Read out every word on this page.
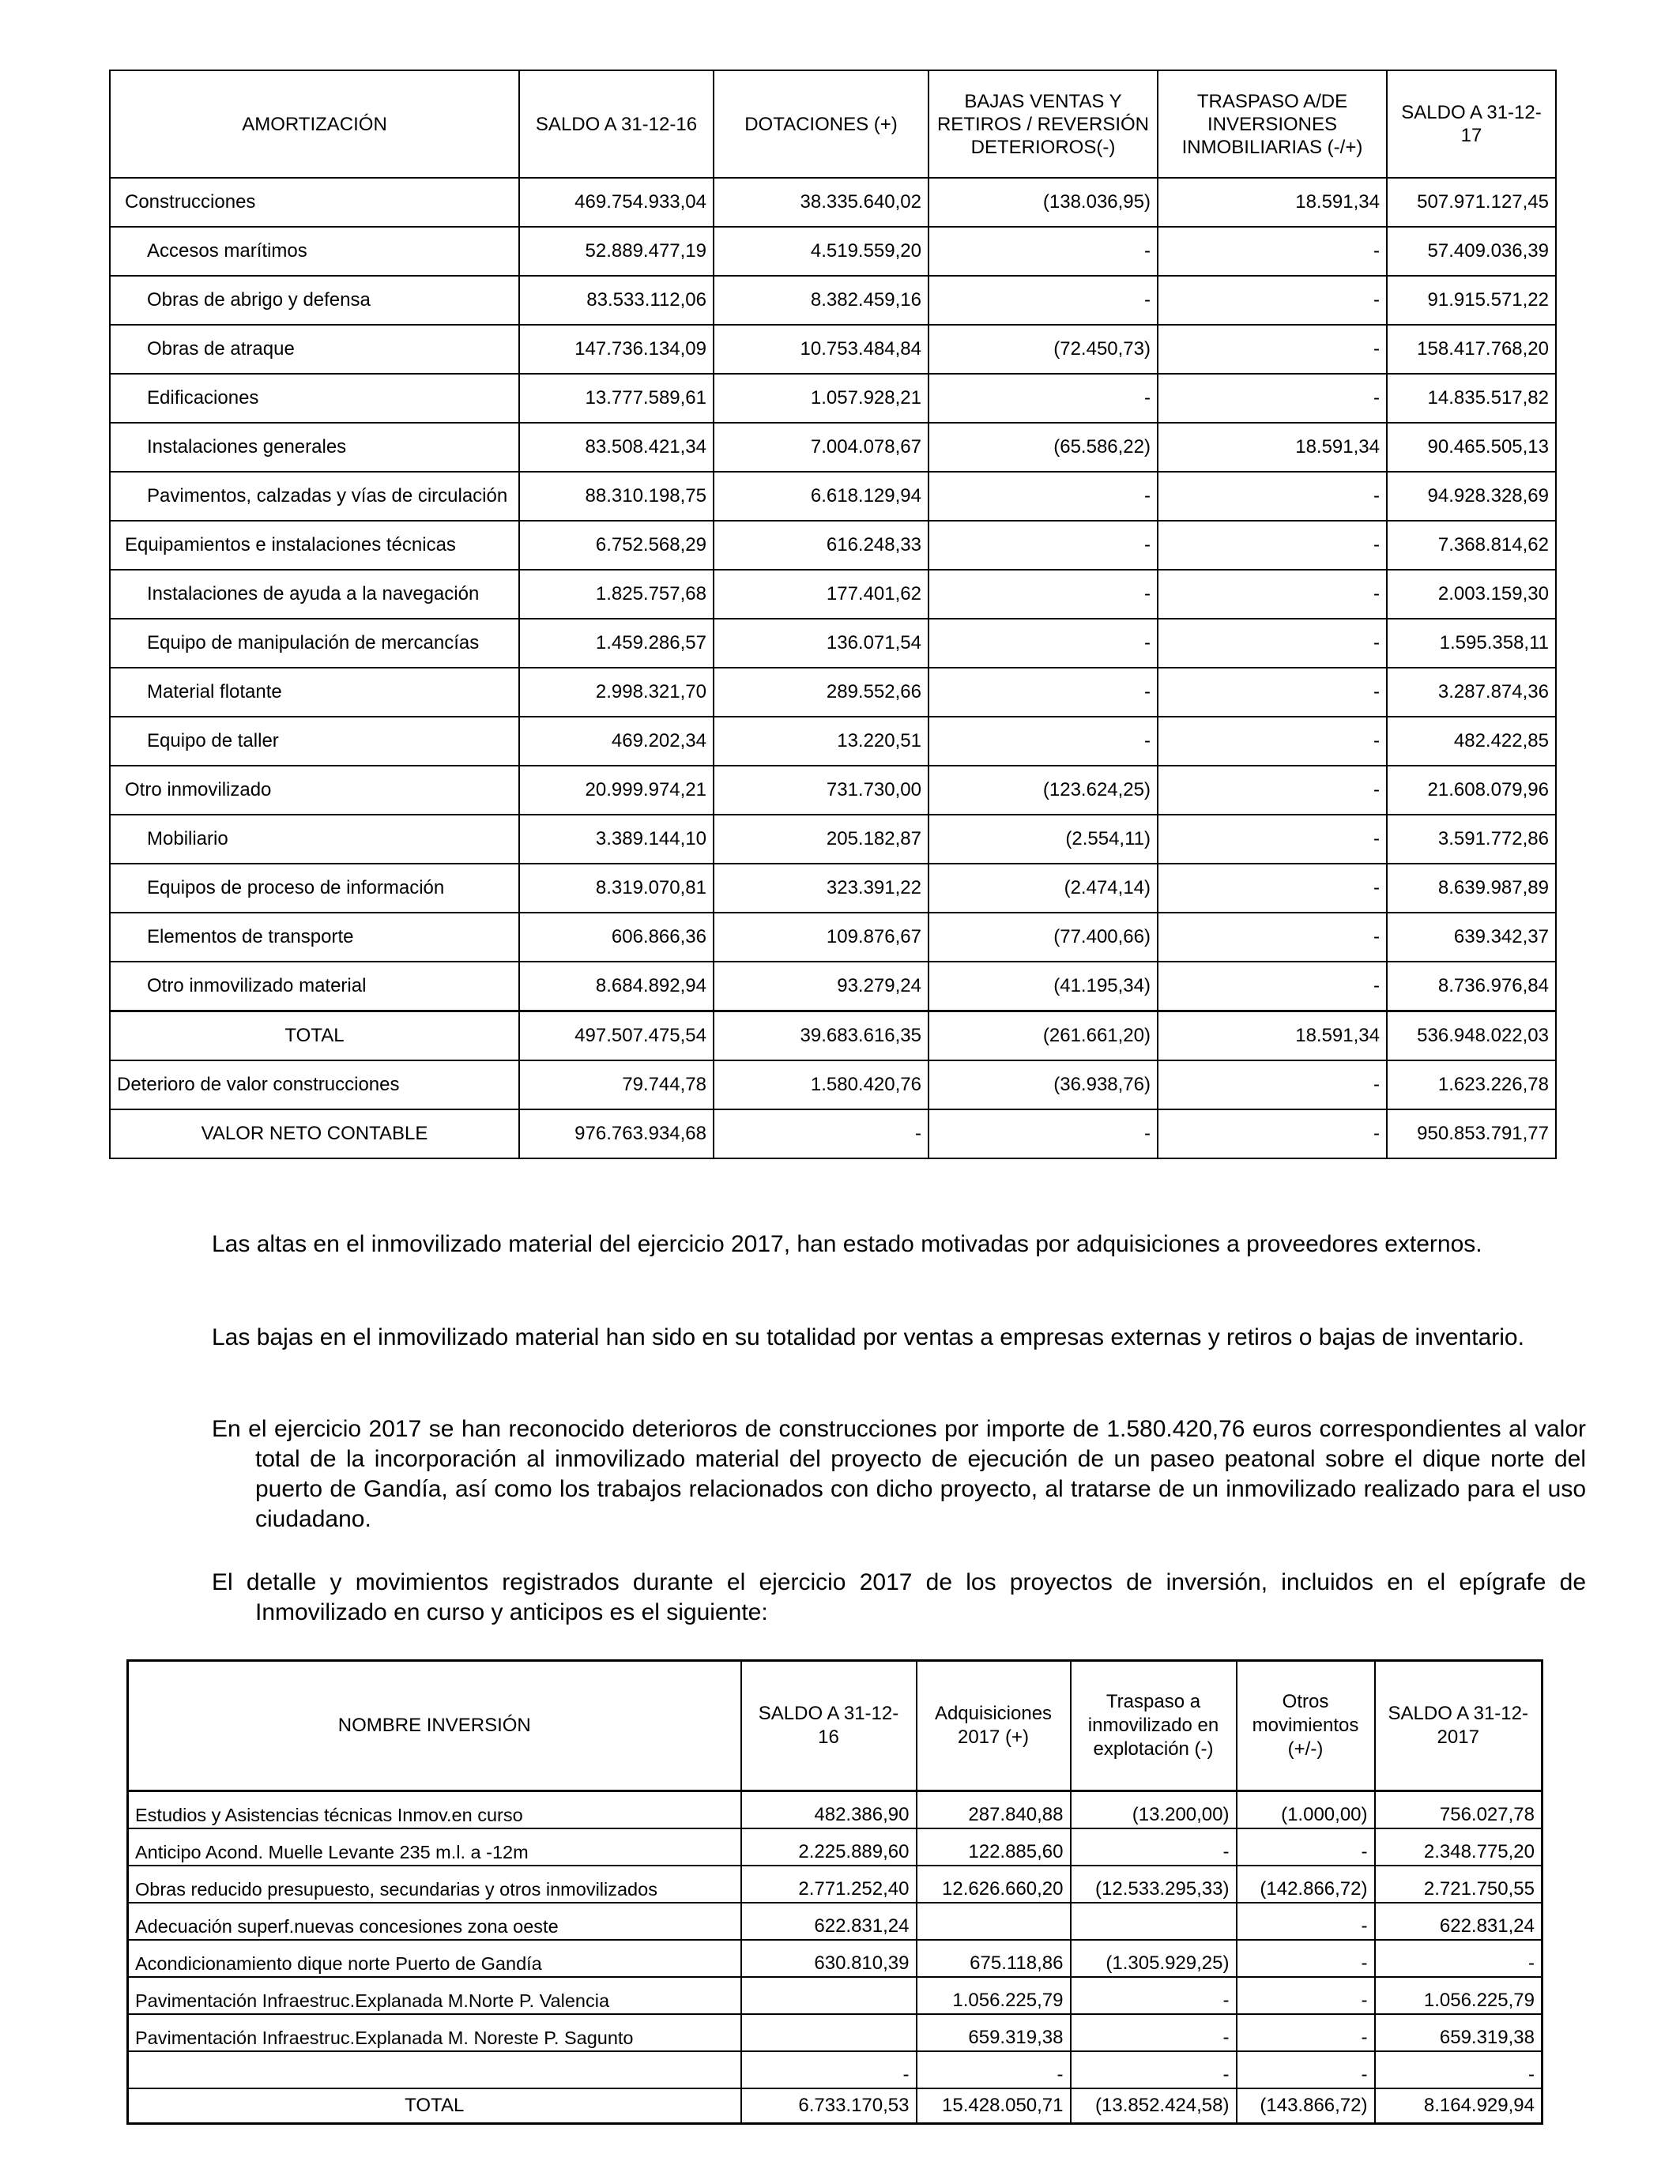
AMORTIZACIÓN	SALDO A 31-12-16	DOTACIONES (+)	BAJAS VENTAS Y RETIROS / REVERSIÓN DETERIOROS(-)	TRASPASO A/DE INVERSIONES INMOBILIARIAS (-/+)	SALDO A 31-12-17
Construcciones	469.754.933,04	38.335.640,02	(138.036,95)	18.591,34	507.971.127,45
Accesos marítimos	52.889.477,19	4.519.559,20	-	-	57.409.036,39
Obras de abrigo y defensa	83.533.112,06	8.382.459,16	-	-	91.915.571,22
Obras de atraque	147.736.134,09	10.753.484,84	(72.450,73)	-	158.417.768,20
Edificaciones	13.777.589,61	1.057.928,21	-	-	14.835.517,82
Instalaciones generales	83.508.421,34	7.004.078,67	(65.586,22)	18.591,34	90.465.505,13
Pavimentos, calzadas y vías de circulación	88.310.198,75	6.618.129,94	-	-	94.928.328,69
Equipamientos e instalaciones técnicas	6.752.568,29	616.248,33	-	-	7.368.814,62
Instalaciones de ayuda a la navegación	1.825.757,68	177.401,62	-	-	2.003.159,30
Equipo de manipulación de mercancías	1.459.286,57	136.071,54	-	-	1.595.358,11
Material flotante	2.998.321,70	289.552,66	-	-	3.287.874,36
Equipo de taller	469.202,34	13.220,51	-	-	482.422,85
Otro inmovilizado	20.999.974,21	731.730,00	(123.624,25)	-	21.608.079,96
Mobiliario	3.389.144,10	205.182,87	(2.554,11)	-	3.591.772,86
Equipos de proceso de información	8.319.070,81	323.391,22	(2.474,14)	-	8.639.987,89
Elementos de transporte	606.866,36	109.876,67	(77.400,66)	-	639.342,37
Otro inmovilizado material	8.684.892,94	93.279,24	(41.195,34)	-	8.736.976,84
TOTAL	497.507.475,54	39.683.616,35	(261.661,20)	18.591,34	536.948.022,03
Deterioro de valor construcciones	79.744,78	1.580.420,76	(36.938,76)	-	1.623.226,78
VALOR NETO CONTABLE	976.763.934,68	-	-	-	950.853.791,77

Las altas en el inmovilizado material del ejercicio 2017, han estado motivadas por adquisiciones a proveedores externos.

Las bajas en el inmovilizado material han sido en su totalidad por ventas a empresas externas y retiros o bajas de inventario.

En el ejercicio 2017 se han reconocido deterioros de construcciones por importe de 1.580.420,76 euros correspondientes al valor total de la incorporación al inmovilizado material del proyecto de ejecución de un paseo peatonal sobre el dique norte del puerto de Gandía, así como los trabajos relacionados con dicho proyecto, al tratarse de un inmovilizado realizado para el uso ciudadano.

El detalle y movimientos registrados durante el ejercicio 2017 de los proyectos de inversión, incluidos en el epígrafe de Inmovilizado en curso y anticipos es el siguiente:

NOMBRE INVERSIÓN	SALDO A 31-12-16	Adquisiciones 2017 (+)	Traspaso a inmovilizado en explotación (-)	Otros movimientos (+/-)	SALDO A 31-12-2017
Estudios y Asistencias técnicas Inmov.en curso	482.386,90	287.840,88	(13.200,00)	(1.000,00)	756.027,78
Anticipo Acond. Muelle Levante 235 m.l. a -12m	2.225.889,60	122.885,60	-	-	2.348.775,20
Obras reducido presupuesto, secundarias y otros inmovilizados	2.771.252,40	12.626.660,20	(12.533.295,33)	(142.866,72)	2.721.750,55
Adecuación superf.nuevas concesiones zona oeste	622.831,24			-	622.831,24
Acondicionamiento dique norte Puerto de Gandía	630.810,39	675.118,86	(1.305.929,25)	-	-
Pavimentación Infraestruc.Explanada M.Norte P. Valencia		1.056.225,79	-	-	1.056.225,79
Pavimentación Infraestruc.Explanada M. Noreste P. Sagunto		659.319,38	-	-	659.319,38
	-	-	-	-	-
TOTAL	6.733.170,53	15.428.050,71	(13.852.424,58)	(143.866,72)	8.164.929,94
